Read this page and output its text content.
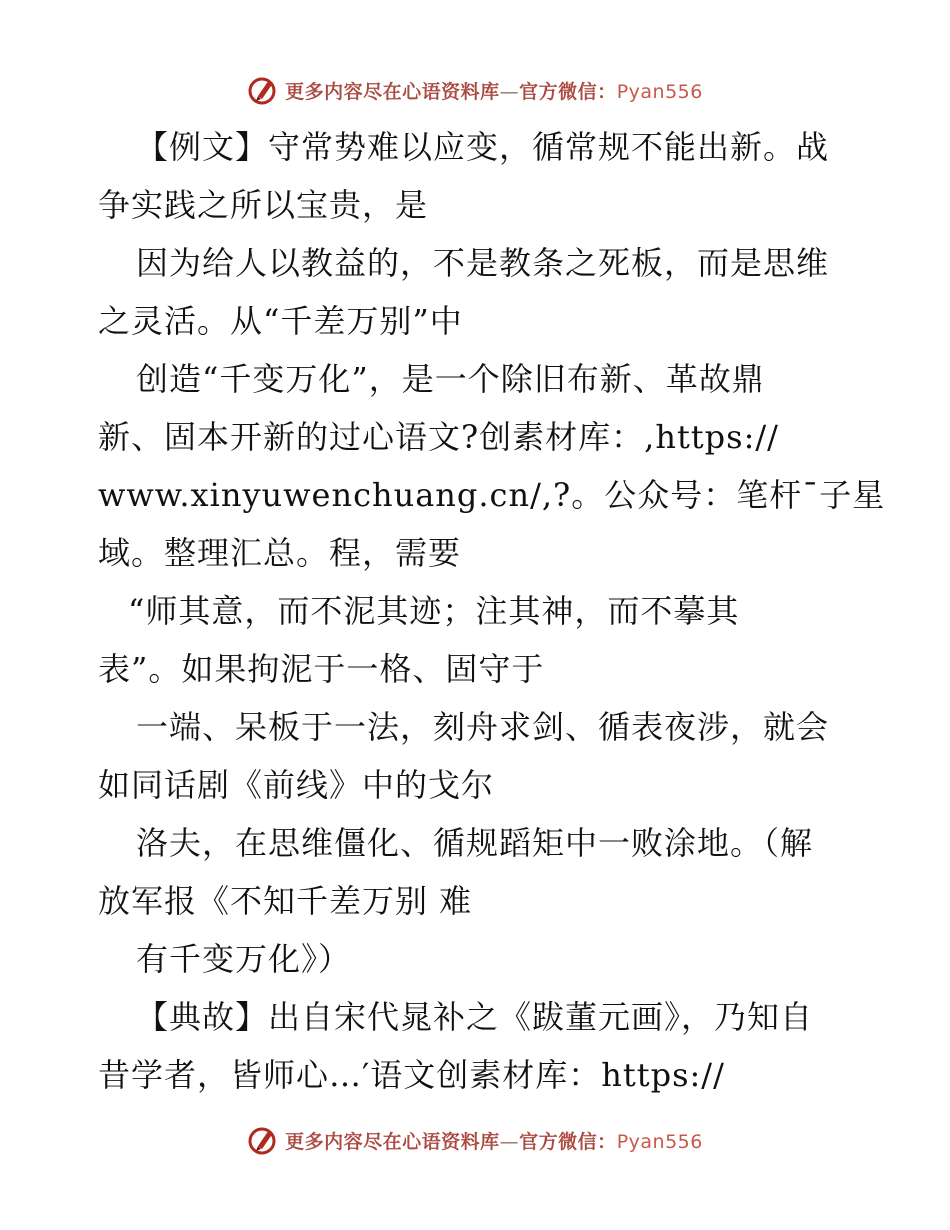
更多内容尽在心语资料库—官方微信：Pyan556
【例文】守常势难以应变，循常规不能出新。战
争实践之所以宝贵，是
因为给人以教益的，不是教条之死板，而是思维
之灵活。从“千差万别”中
创造“千变万化”，是一个除旧布新、革故鼎
新、固本开新的过心语文?创素材库：,https://
www.xinyuwenchuang.cn/,?。公众号：笔杆¯子星
域。整理汇总。程，需要
“师其意，而不泥其迹；注其神，而不摹其
表”。如果拘泥于一格、固守于
一端、呆板于一法，刻舟求剑、循表夜涉，就会
如同话剧《前线》中的戈尔
洛夫，在思维僵化、循规蹈矩中一败涂地。（解
放军报《不知千差万别 难
有千变万化》）
【典故】出自宋代晁补之《跋董元画》，乃知自
昔学者，皆师心…′语文创素材库：https://
更多内容尽在心语资料库—官方微信：Pyan556
